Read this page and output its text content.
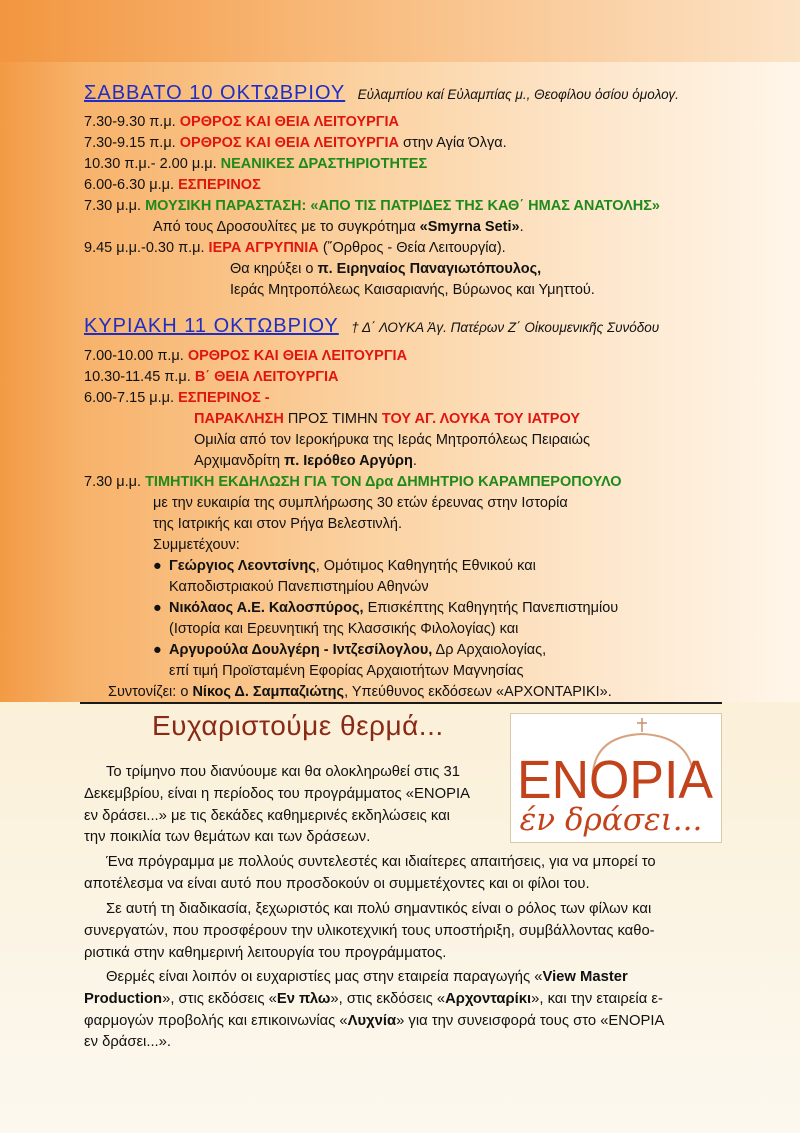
ΣΑΒΒΑΤΟ 10 ΟΚΤΩΒΡΙΟΥ Εὐλαμπίου καί Εὐλαμπίας μ., Θεοφίλου ὁσίου ὁμολογ.
7.30-9.30 π.μ. ΟΡΘΡΟΣ ΚΑΙ ΘΕΙΑ ΛΕΙΤΟΥΡΓΙΑ
7.30-9.15 π.μ. ΟΡΘΡΟΣ ΚΑΙ ΘΕΙΑ ΛΕΙΤΟΥΡΓΙΑ στην Αγία Όλγα.
10.30 π.μ.- 2.00 μ.μ. ΝΕΑΝΙΚΕΣ ΔΡΑΣΤΗΡΙΟΤΗΤΕΣ
6.00-6.30 μ.μ. ΕΣΠΕΡΙΝΟΣ
7.30 μ.μ. ΜΟΥΣΙΚΗ ΠΑΡΑΣΤΑΣΗ: «ΑΠΟ ΤΙΣ ΠΑΤΡΙΔΕΣ ΤΗΣ ΚΑΘ΄ ΗΜΑΣ ΑΝΑΤΟΛΗΣ»
Από τους Δροσουλίτες με το συγκρότημα «Smyrna Seti».
9.45 μ.μ.-0.30 π.μ. ΙΕΡΑ ΑΓΡΥΠΝΙΑ (῎Ορθρος - Θεία Λειτουργία).
Θα κηρύξει ο π. Ειρηναίος Παναγιωτόπουλος,
Ιεράς Μητροπόλεως Καισαριανής, Βύρωνος και Υμηττού.
ΚΥΡΙΑΚΗ 11 ΟΚΤΩΒΡΙΟΥ † Δ΄ ΛΟΥΚΑ Ἁγ. Πατέρων Ζ΄ Οἰκουμενικῆς Συνόδου
7.00-10.00 π.μ. ΟΡΘΡΟΣ ΚΑΙ ΘΕΙΑ ΛΕΙΤΟΥΡΓΙΑ
10.30-11.45 π.μ. Β΄ ΘΕΙΑ ΛΕΙΤΟΥΡΓΙΑ
6.00-7.15 μ.μ. ΕΣΠΕΡΙΝΟΣ -
ΠΑΡΑΚΛΗΣΗ ΠΡΟΣ ΤΙΜΗΝ ΤΟΥ ΑΓ. ΛΟΥΚΑ ΤΟΥ ΙΑΤΡΟΥ
Ομιλία από τον Ιεροκήρυκα της Ιεράς Μητροπόλεως Πειραιώς
Αρχιμανδρίτη π. Ιερόθεο Αργύρη.
7.30 μ.μ. ΤΙΜΗΤΙΚΗ ΕΚΔΗΛΩΣΗ ΓΙΑ ΤΟΝ Δρα ΔΗΜΗΤΡΙΟ ΚΑΡΑΜΠΕΡΟΠΟΥΛΟ
με την ευκαιρία της συμπλήρωσης 30 ετών έρευνας στην Ιστορία
της Ιατρικής και στον Ρήγα Βελεστινλή.
Συμμετέχουν:
● Γεώργιος Λεοντσίνης, Ομότιμος Καθηγητής Εθνικού και
Καποδιστριακού Πανεπιστημίου Αθηνών
● Νικόλαος Α.Ε. Καλοσπύρος, Επισκέπτης Καθηγητής Πανεπιστημίου
(Ιστορία και Ερευνητική της Κλασσικής Φιλολογίας) και
● Αργυρούλα Δουλγέρη - Ιντζεσίλογλου, Δρ Αρχαιολογίας,
επί τιμή Προϊσταμένη Εφορίας Αρχαιοτήτων Μαγνησίας
Συντονίζει: ο Νίκος Δ. Σαμπαζιώτης, Υπεύθυνος εκδόσεων «ΑΡΧΟΝΤΑΡΙΚΙ».
Ευχαριστούμε θερμά...
ΕΝΟΡΙΑ
έν δράσει...
Το τρίμηνο που διανύουμε και θα ολοκληρωθεί στις 31
Δεκεμβρίου, είναι η περίοδος του προγράμματος «ΕΝΟΡΙΑ
εν δράσει...» με τις δεκάδες καθημερινές εκδηλώσεις και
την ποικιλία των θεμάτων και των δράσεων.
Ένα πρόγραμμα με πολλούς συντελεστές και ιδιαίτερες απαιτήσεις, για να μπορεί το
αποτέλεσμα να είναι αυτό που προσδοκούν οι συμμετέχοντες και οι φίλοι του.
Σε αυτή τη διαδικασία, ξεχωριστός και πολύ σημαντικός είναι ο ρόλος των φίλων και
συνεργατών, που προσφέρουν την υλικοτεχνική τους υποστήριξη, συμβάλλοντας καθο-
ριστικά στην καθημερινή λειτουργία του προγράμματος.
Θερμές είναι λοιπόν οι ευχαριστίες μας στην εταιρεία παραγωγής «View Master
Production», στις εκδόσεις «Εν πλω», στις εκδόσεις «Αρχονταρίκι», και την εταιρεία ε-
φαρμογών προβολής και επικοινωνίας «Λυχνία» για την συνεισφορά τους στο «ΕΝΟΡΙΑ
εν δράσει...».
